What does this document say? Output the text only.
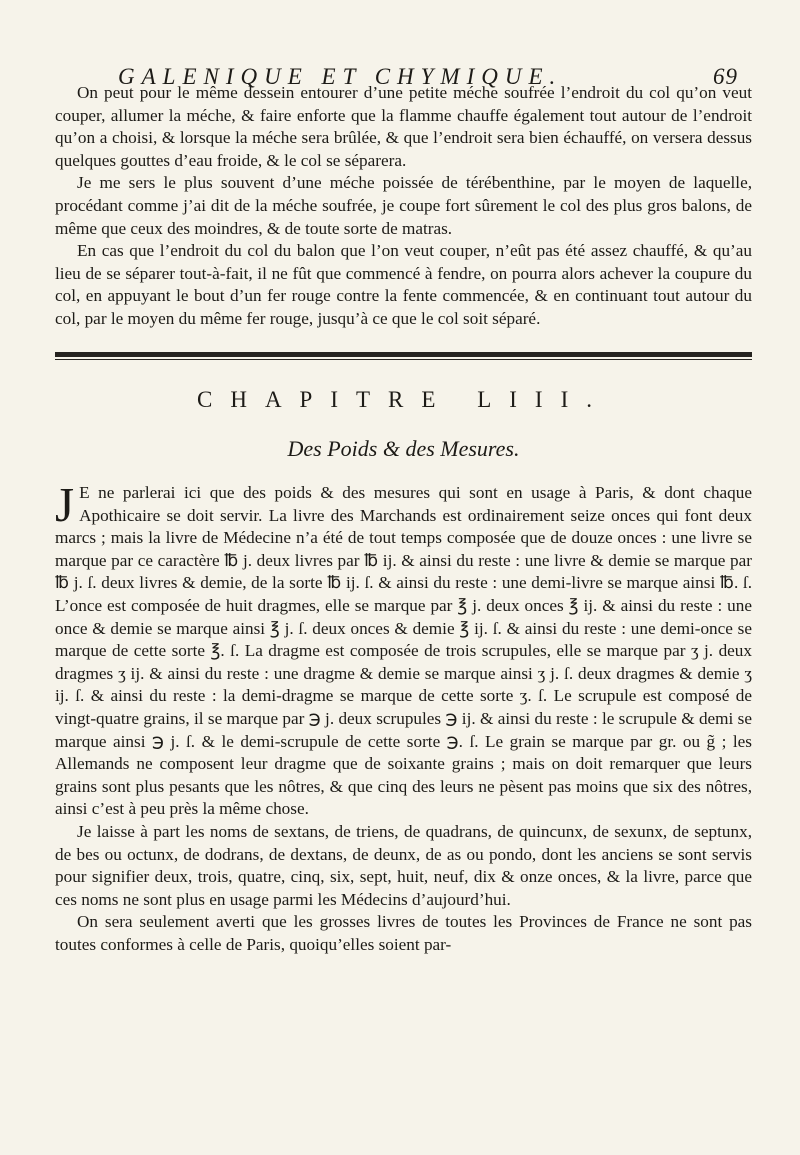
GALENIQUE ET CHYMIQUE.	69

On peut pour le même dessein entourer d’une petite méche soufrée l’endroit du col qu’on veut couper, allumer la méche, & faire enforte que la flamme chauffe également tout autour de l’endroit qu’on a choisi, & lorsque la méche sera brûlée, & que l’endroit sera bien échauffé, on versera dessus quelques gouttes d’eau froide, & le col se séparera.

Je me sers le plus souvent d’une méche poissée de térébenthine, par le moyen de laquelle, procédant comme j’ai dit de la méche soufrée, je coupe fort sûrement le col des plus gros balons, de même que ceux des moindres, & de toute sorte de matras.

En cas que l’endroit du col du balon que l’on veut couper, n’eût pas été assez chauffé, & qu’au lieu de se séparer tout-à-fait, il ne fût que commencé à fendre, on pourra alors achever la coupure du col, en appuyant le bout d’un fer rouge contre la fente commencée, & en continuant tout autour du col, par le moyen du même fer rouge, jusqu’à ce que le col soit séparé.

CHAPITRE LIII.
Des Poids & des Mesures.

J E ne parlerai ici que des poids & des mesures qui sont en usage à Paris, & dont chaque Apothicaire se doit servir. La livre des Marchands est ordinairement seize onces qui font deux marcs ; mais la livre de Médecine n’a été de tout temps composée que de douze onces : une livre se marque par ce caractère ℔ j. deux livres par ℔ ij. & ainsi du reste : une livre & demie se marque par ℔ j. ſ. deux livres & demie, de la sorte ℔ ij. ſ. & ainsi du reste : une demi-livre se marque ainsi ℔. ſ. L’once est composée de huit dragmes, elle se marque par ℥ j. deux onces ℥ ij. & ainsi du reste : une once & demie se marque ainsi ℥ j. ſ. deux onces & demie ℥ ij. ſ. & ainsi du reste : une demi-once se marque de cette sorte ℥. ſ. La dragme est composée de trois scrupules, elle se marque par ʒ j. deux dragmes ʒ ij. & ainsi du reste : une dragme & demie se marque ainsi ʒ j. ſ. deux dragmes & demie ʒ ij. ſ. & ainsi du reste : la demi-dragme se marque de cette sorte ʒ. ſ. Le scrupule est composé de vingt-quatre grains, il se marque par ℈ j. deux scrupules ℈ ij. & ainsi du reste : le scrupule & demi se marque ainsi ℈ j. ſ. & le demi-scrupule de cette sorte ℈. ſ. Le grain se marque par gr. ou g̃ ; les Allemands ne composent leur dragme que de soixante grains ; mais on doit remarquer que leurs grains sont plus pesants que les nôtres, & que cinq des leurs ne pèsent pas moins que six des nôtres, ainsi c’est à peu près la même chose.

Je laisse à part les noms de sextans, de triens, de quadrans, de quincunx, de sexunx, de septunx, de bes ou octunx, de dodrans, de dextans, de deunx, de as ou pondo, dont les anciens se sont servis pour signifier deux, trois, quatre, cinq, six, sept, huit, neuf, dix & onze onces, & la livre, parce que ces noms ne sont plus en usage parmi les Médecins d’aujourd’hui.

On sera seulement averti que les grosses livres de toutes les Provinces de France ne sont pas toutes conformes à celle de Paris, quoiqu’elles soient par-
